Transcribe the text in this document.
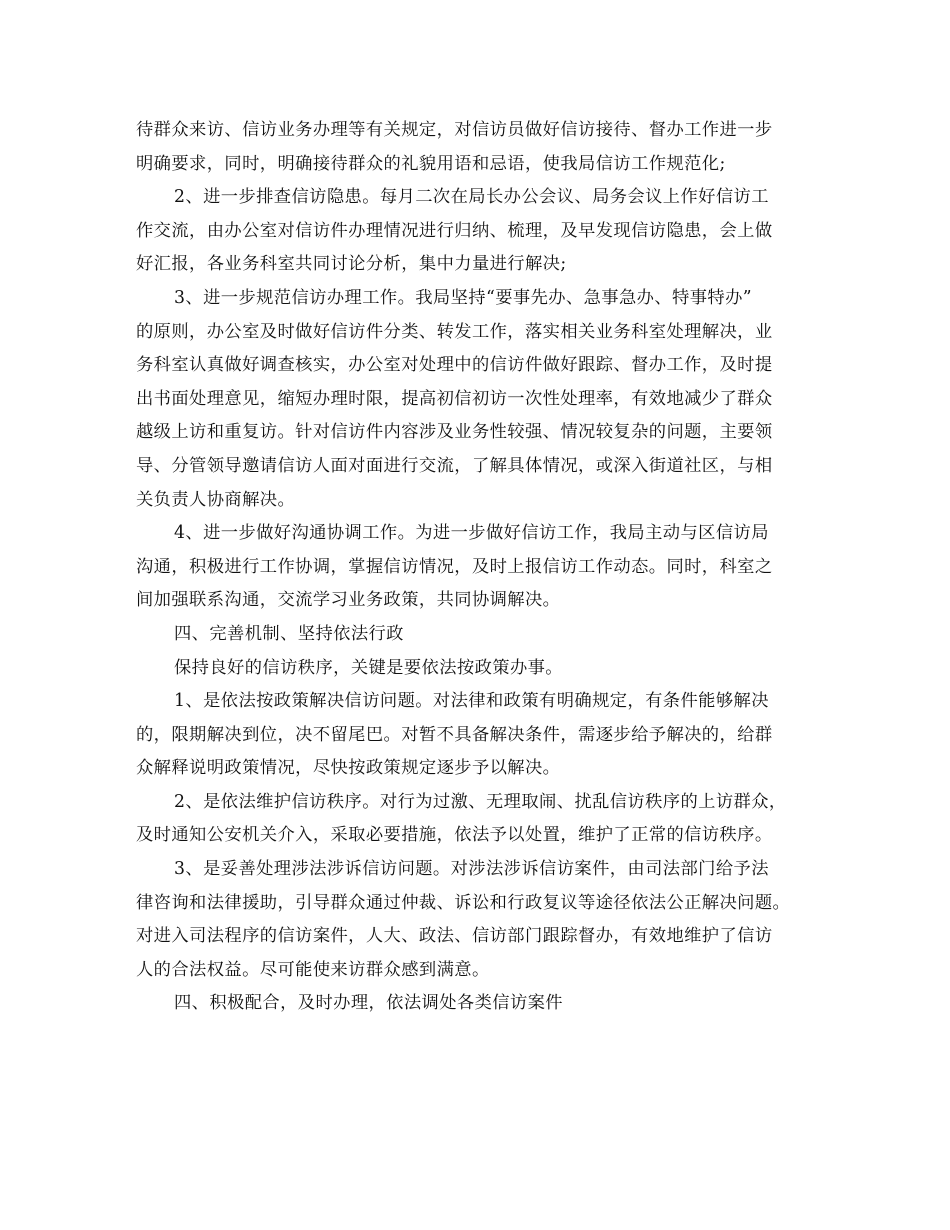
待群众来访、信访业务办理等有关规定，对信访员做好信访接待、督办工作进一步
明确要求，同时，明确接待群众的礼貌用语和忌语，使我局信访工作规范化;
2、进一步排查信访隐患。每月二次在局长办公会议、局务会议上作好信访工
作交流，由办公室对信访件办理情况进行归纳、梳理，及早发现信访隐患，会上做
好汇报，各业务科室共同讨论分析，集中力量进行解决;
3、进一步规范信访办理工作。我局坚持“要事先办、急事急办、特事特办”
的原则，办公室及时做好信访件分类、转发工作，落实相关业务科室处理解决，业
务科室认真做好调查核实，办公室对处理中的信访件做好跟踪、督办工作，及时提
出书面处理意见，缩短办理时限，提高初信初访一次性处理率，有效地减少了群众
越级上访和重复访。针对信访件内容涉及业务性较强、情况较复杂的问题，主要领
导、分管领导邀请信访人面对面进行交流，了解具体情况，或深入街道社区，与相
关负责人协商解决。
4、进一步做好沟通协调工作。为进一步做好信访工作，我局主动与区信访局
沟通，积极进行工作协调，掌握信访情况，及时上报信访工作动态。同时，科室之
间加强联系沟通，交流学习业务政策，共同协调解决。
四、完善机制、坚持依法行政
保持良好的信访秩序，关键是要依法按政策办事。
1、是依法按政策解决信访问题。对法律和政策有明确规定，有条件能够解决
的，限期解决到位，决不留尾巴。对暂不具备解决条件，需逐步给予解决的，给群
众解释说明政策情况，尽快按政策规定逐步予以解决。
2、是依法维护信访秩序。对行为过激、无理取闹、扰乱信访秩序的上访群众，
及时通知公安机关介入，采取必要措施，依法予以处置，维护了正常的信访秩序。
3、是妥善处理涉法涉诉信访问题。对涉法涉诉信访案件，由司法部门给予法
律咨询和法律援助，引导群众通过仲裁、诉讼和行政复议等途径依法公正解决问题。
对进入司法程序的信访案件，人大、政法、信访部门跟踪督办，有效地维护了信访
人的合法权益。尽可能使来访群众感到满意。
四、积极配合，及时办理，依法调处各类信访案件
